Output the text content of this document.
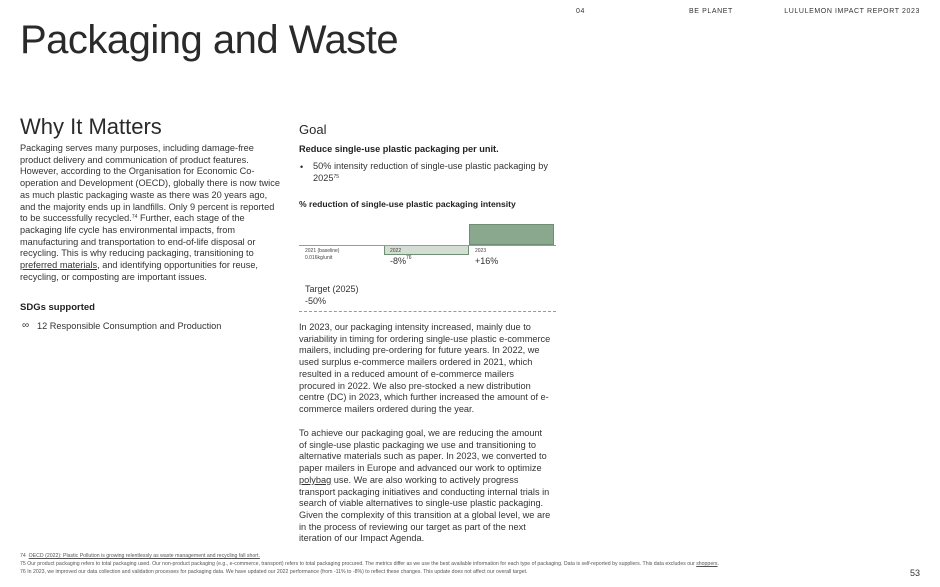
04	BE PLANET	LULULEMON IMPACT REPORT 2023
Packaging and Waste
Why It Matters
Packaging serves many purposes, including damage-free product delivery and communication of product features. However, according to the Organisation for Economic Co-operation and Development (OECD), globally there is now twice as much plastic packaging waste as there was 20 years ago, and the majority ends up in landfills. Only 9 percent is reported to be successfully recycled.$^{74}$ Further, each stage of the packaging life cycle has environmental impacts, from manufacturing and transportation to end-of-life disposal or recycling. This is why reducing packaging, transitioning to preferred materials, and identifying opportunities for reuse, recycling, or composting are important issues.
SDGs supported
∞ 12 Responsible Consumption and Production
Goal
Reduce single-use plastic packaging per unit.
• 50% intensity reduction of single-use plastic packaging by 2025$^{75}$
% reduction of single-use plastic packaging intensity
2021 (baseline)
0.016kg/unit
2022	2023
-8%$^{76}$	+16%
Target (2025)
-50%
In 2023, our packaging intensity increased, mainly due to variability in timing for ordering single-use plastic e-commerce mailers, including pre-ordering for future years. In 2022, we used surplus e-commerce mailers ordered in 2021, which resulted in a reduced amount of e-commerce mailers procured in 2022. We also pre-stocked a new distribution centre (DC) in 2023, which further increased the amount of e-commerce mailers ordered during the year.
To achieve our packaging goal, we are reducing the amount of single-use plastic packaging we use and transitioning to alternative materials such as paper. In 2023, we converted to paper mailers in Europe and advanced our work to optimize polybag use. We are also working to actively progress transport packaging initiatives and conducting internal trials in search of viable alternatives to single-use plastic packaging. Given the complexity of this transition at a global level, we are in the process of reviewing our target as part of the next iteration of our Impact Agenda.
74 OECD (2022): Plastic Pollution is growing relentlessly as waste management and recycling fall short.
75 Our product packaging refers to total packaging used. Our non-product packaging (e.g., e-commerce, transport) refers to total packaging procured. The metrics differ as we use the best available information for each type of packaging. Data is self-reported by suppliers. This data excludes our shoppers.
76 In 2023, we improved our data collection and validation processes for packaging data. We have updated our 2022 performance (from -11% to -8%) to reflect these changes. This update does not affect our overall target.	53
